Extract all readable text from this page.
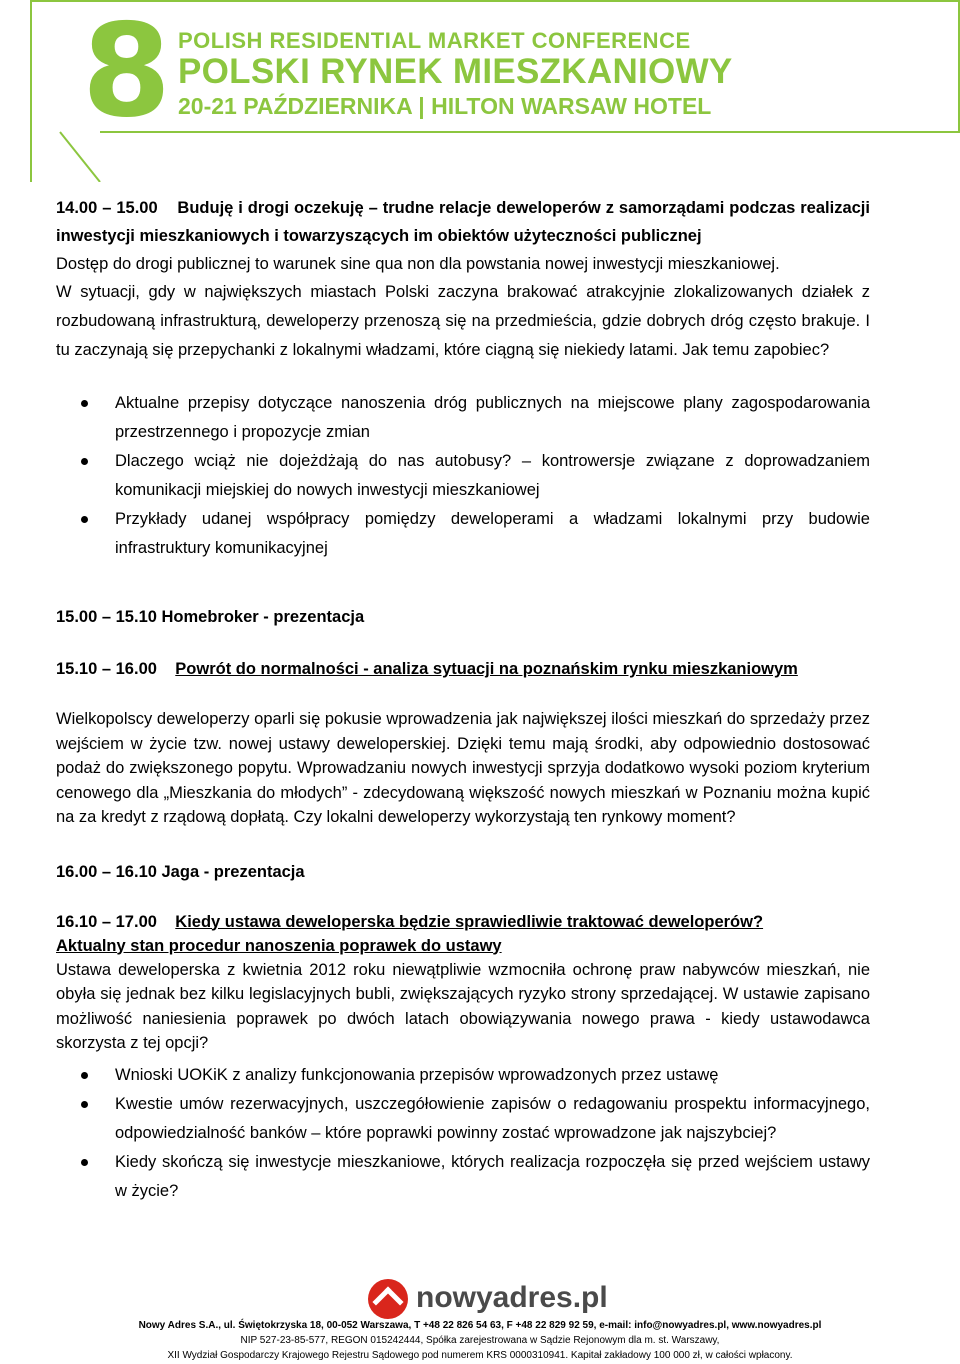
8 POLISH RESIDENTIAL MARKET CONFERENCE
POLSKI RYNEK MIESZKANIOWY
20-21 PAŹDZIERNIKA | HILTON WARSAW HOTEL

14.00 – 15.00 Buduję i drogi oczekuję – trudne relacje deweloperów z samorządami podczas realizacji inwestycji mieszkaniowych i towarzyszących im obiektów użyteczności publicznej

Dostęp do drogi publicznej to warunek sine qua non dla powstania nowej inwestycji mieszkaniowej.

W sytuacji, gdy w największych miastach Polski zaczyna brakować atrakcyjnie zlokalizowanych działek z rozbudowaną infrastrukturą, deweloperzy przenoszą się na przedmieścia, gdzie dobrych dróg często brakuje. I tu zaczynają się przepychanki z lokalnymi władzami, które ciągną się niekiedy latami. Jak temu zapobiec?

Aktualne przepisy dotyczące nanoszenia dróg publicznych na miejscowe plany zagospodarowania przestrzennego i propozycje zmian
Dlaczego wciąż nie dojeżdżają do nas autobusy? – kontrowersje związane z doprowadzaniem komunikacji miejskiej do nowych inwestycji mieszkaniowej
Przykłady udanej współpracy pomiędzy deweloperami a władzami lokalnymi przy budowie infrastruktury komunikacyjnej

15.00 – 15.10 Homebroker - prezentacja

15.10 – 16.00 Powrót do normalności - analiza sytuacji na poznańskim rynku mieszkaniowym

Wielkopolscy deweloperzy oparli się pokusie wprowadzenia jak największej ilości mieszkań do sprzedaży przez wejściem w życie tzw. nowej ustawy deweloperskiej. Dzięki temu mają środki, aby odpowiednio dostosować podaż do zwiększonego popytu. Wprowadzaniu nowych inwestycji sprzyja dodatkowo wysoki poziom kryterium cenowego dla „Mieszkania do młodych” - zdecydowaną większość nowych mieszkań w Poznaniu można kupić na za kredyt z rządową dopłatą. Czy lokalni deweloperzy wykorzystają ten rynkowy moment?

16.00 – 16.10 Jaga - prezentacja

16.10 – 17.00 Kiedy ustawa deweloperska będzie sprawiedliwie traktować deweloperów?

Aktualny stan procedur nanoszenia poprawek do ustawy

Ustawa deweloperska z kwietnia 2012 roku niewątpliwie wzmocniła ochronę praw nabywców mieszkań, nie obyła się jednak bez kilku legislacyjnych bubli, zwiększających ryzyko strony sprzedającej. W ustawie zapisano możliwość naniesienia poprawek po dwóch latach obowiązywania nowego prawa - kiedy ustawodawca skorzysta z tej opcji?

Wnioski UOKiK z analizy funkcjonowania przepisów wprowadzonych przez ustawę
Kwestie umów rezerwacyjnych, uszczegółowienie zapisów o redagowaniu prospektu informacyjnego, odpowiedzialność banków – które poprawki powinny zostać wprowadzone jak najszybciej?
Kiedy skończą się inwestycje mieszkaniowe, których realizacja rozpoczęła się przed wejściem ustawy w życie?
nowyadres.pl
Nowy Adres S.A., ul. Świętokrzyska 18, 00-052 Warszawa, T +48 22 826 54 63, F +48 22 829 92 59, e-mail: info@nowyadres.pl, www.nowyadres.pl
NIP 527-23-85-577, REGON 015242444, Spółka zarejestrowana w Sądzie Rejonowym dla m. st. Warszawy,
XII Wydział Gospodarczy Krajowego Rejestru Sądowego pod numerem KRS 0000310941. Kapitał zakładowy 100 000 zł, w całości wpłacony.
